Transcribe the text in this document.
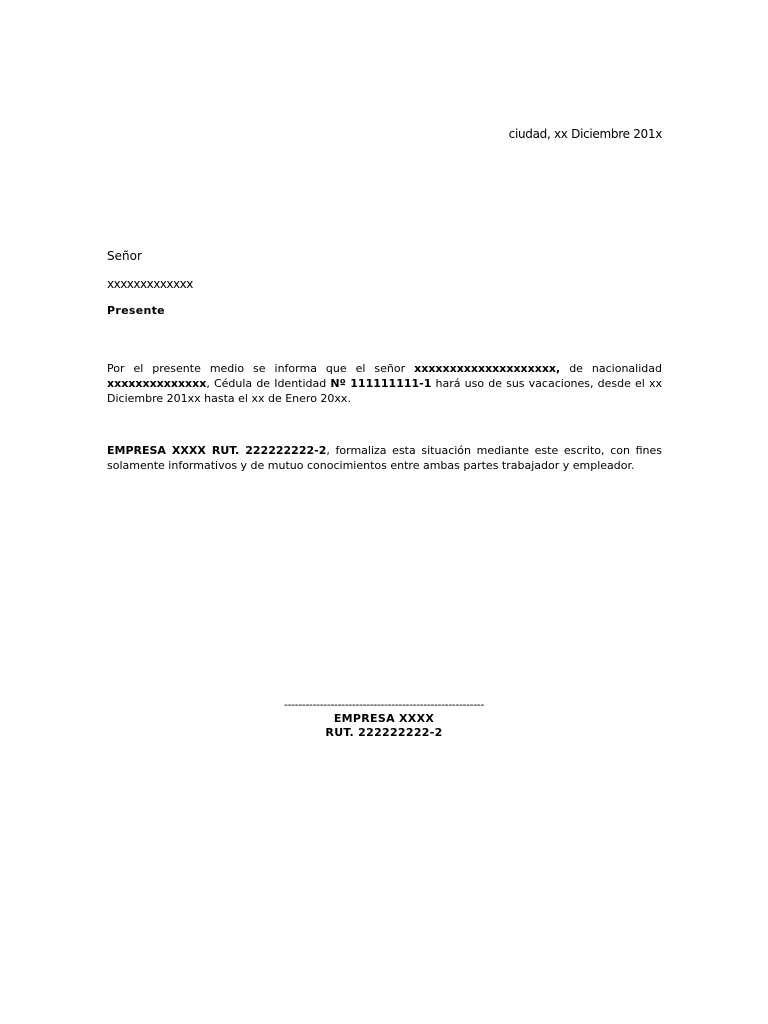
ciudad, xx Diciembre 201x
Señor
xxxxxxxxxxxxx
Presente

Por el presente medio se informa que el señor xxxxxxxxxxxxxxxxxxxx, de nacionalidad xxxxxxxxxxxxxx, Cédula de Identidad Nº 111111111-1 hará uso de sus vacaciones, desde el xx Diciembre 201xx hasta el xx de Enero 20xx.

EMPRESA XXXX RUT. 222222222-2, formaliza esta situación mediante este escrito, con fines solamente informativos y de mutuo conocimientos entre ambas partes trabajador y empleador.

--------------------------------------------------------
EMPRESA XXXX
RUT. 222222222-2
